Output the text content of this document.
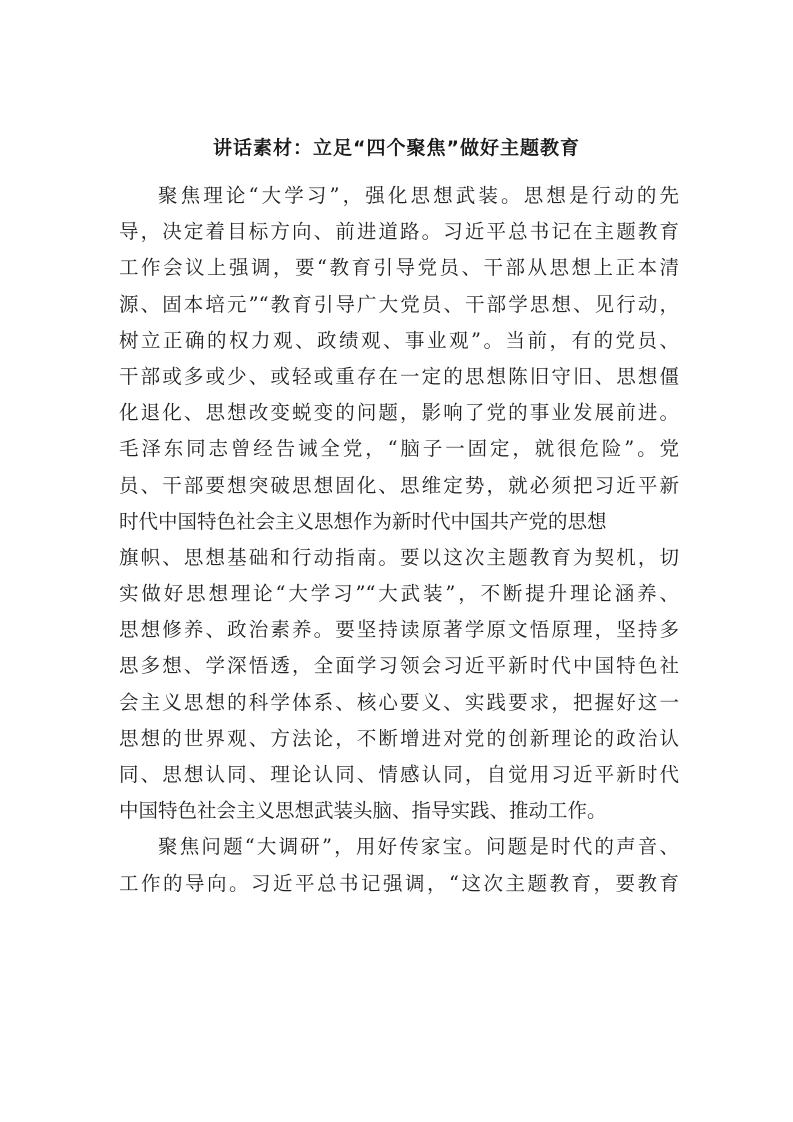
讲话素材：立足“四个聚焦”做好主题教育
聚焦理论“大学习”，强化思想武装。思想是行动的先
导，决定着目标方向、前进道路。习近平总书记在主题教育
工作会议上强调，要“教育引导党员、干部从思想上正本清
源、固本培元”“教育引导广大党员、干部学思想、见行动，
树立正确的权力观、政绩观、事业观”。当前，有的党员、
干部或多或少、或轻或重存在一定的思想陈旧守旧、思想僵
化退化、思想改变蜕变的问题，影响了党的事业发展前进。
毛泽东同志曾经告诫全党，“脑子一固定，就很危险”。党
员、干部要想突破思想固化、思维定势，就必须把习近平新
时代中国特色社会主义思想作为新时代中国共产党的思想
旗帜、思想基础和行动指南。要以这次主题教育为契机，切
实做好思想理论“大学习”“大武装”，不断提升理论涵养、
思想修养、政治素养。要坚持读原著学原文悟原理，坚持多
思多想、学深悟透，全面学习领会习近平新时代中国特色社
会主义思想的科学体系、核心要义、实践要求，把握好这一
思想的世界观、方法论，不断增进对党的创新理论的政治认
同、思想认同、理论认同、情感认同，自觉用习近平新时代
中国特色社会主义思想武装头脑、指导实践、推动工作。
聚焦问题“大调研”，用好传家宝。问题是时代的声音、
工作的导向。习近平总书记强调，“这次主题教育，要教育
